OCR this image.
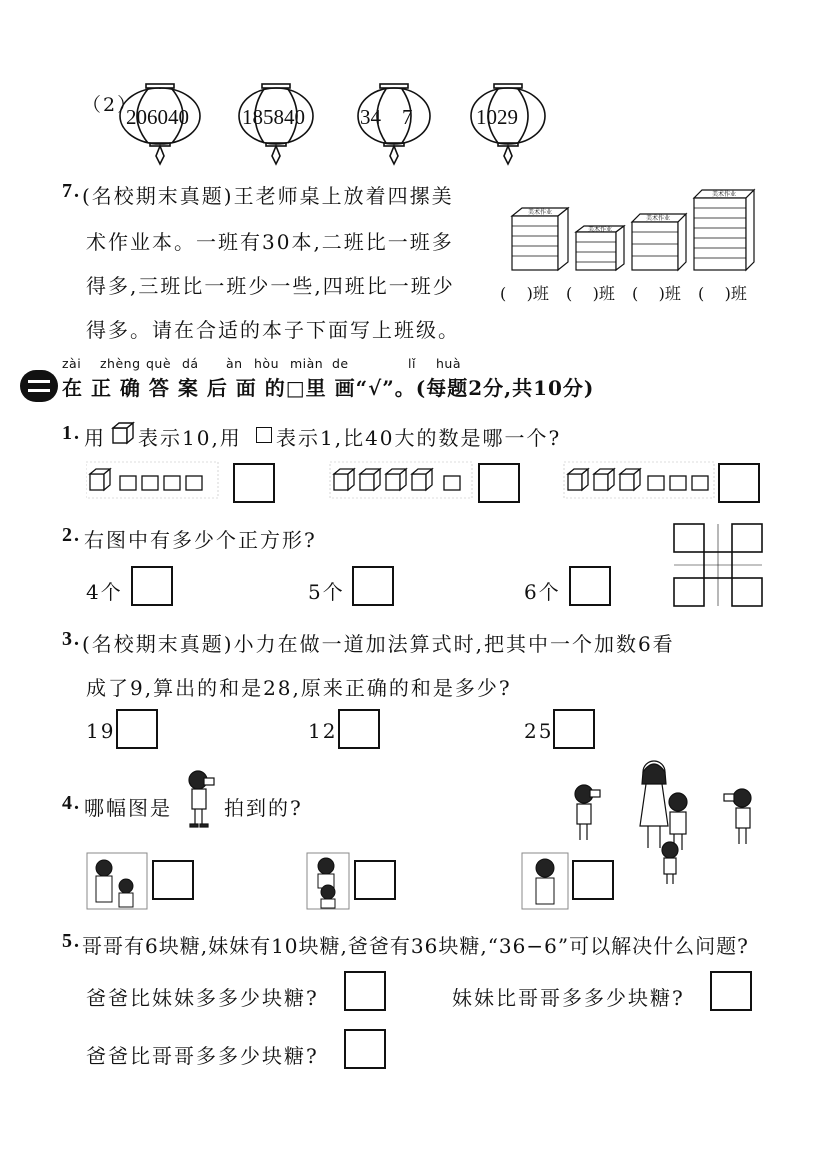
（2）
206040	185840	34    7	1029
7. (名校期末真题)王老师桌上放着四摞美
术作业本。一班有30本,二班比一班多
得多,三班比一班少一些,四班比一班少
得多。请在合适的本子下面写上班级。
美术作业
美术作业
美术作业
美术作业
(    )班 (    )班 (    )班 (    )班
zài zhèng què dá àn hòu miàn de	lǐ huà
在 正 确 答 案 后 面 的□里 画“√”。(每题2分,共10分)
1. 用 表示10,用 表示1,比40大的数是哪一个?
2. 右图中有多少个正方形?
4个	5个	6个
3. (名校期末真题)小力在做一道加法算式时,把其中一个加数6看
成了9,算出的和是28,原来正确的和是多少?
19	12	25
4. 哪幅图是	拍到的?
5. 哥哥有6块糖,妹妹有10块糖,爸爸有36块糖,“36−6”可以解决什么问题?
爸爸比妹妹多多少块糖?	妹妹比哥哥多多少块糖?
爸爸比哥哥多多少块糖?
